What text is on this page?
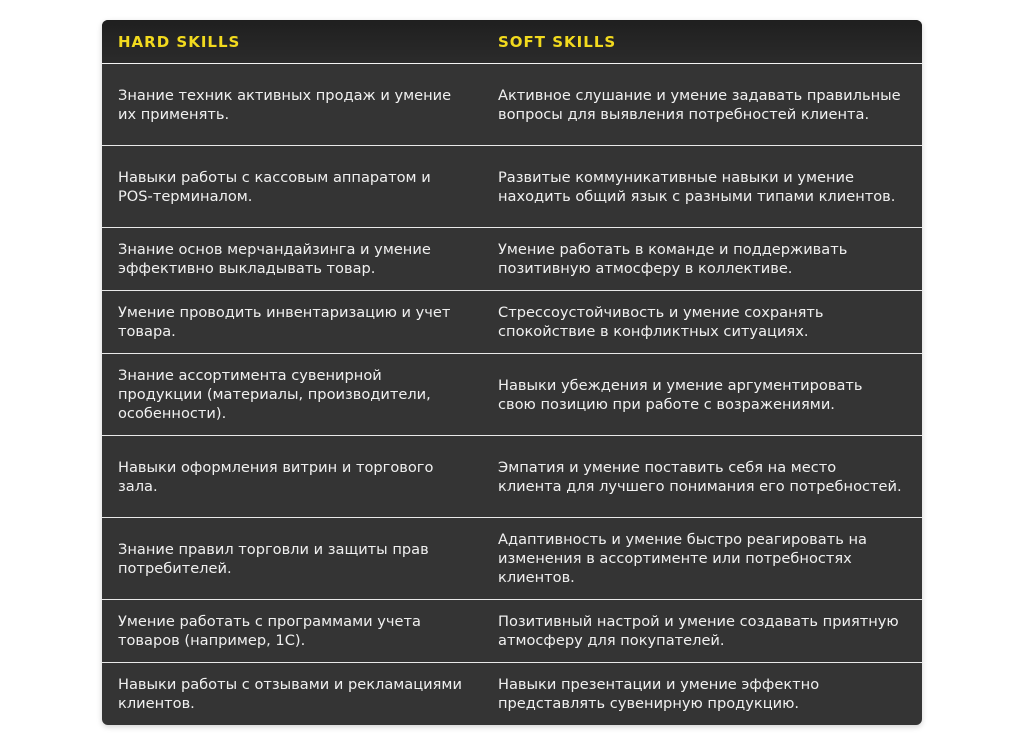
HARD SKILLS	SOFT SKILLS
Знание техник активных продаж и умение их применять.	Активное слушание и умение задавать правильные вопросы для выявления потребностей клиента.
Навыки работы с кассовым аппаратом и POS-терминалом.	Развитые коммуникативные навыки и умение находить общий язык с разными типами клиентов.
Знание основ мерчандайзинга и умение эффективно выкладывать товар.	Умение работать в команде и поддерживать позитивную атмосферу в коллективе.
Умение проводить инвентаризацию и учет товара.	Стрессоустойчивость и умение сохранять спокойствие в конфликтных ситуациях.
Знание ассортимента сувенирной продукции (материалы, производители, особенности).	Навыки убеждения и умение аргументировать свою позицию при работе с возражениями.
Навыки оформления витрин и торгового зала.	Эмпатия и умение поставить себя на место клиента для лучшего понимания его потребностей.
Знание правил торговли и защиты прав потребителей.	Адаптивность и умение быстро реагировать на изменения в ассортименте или потребностях клиентов.
Умение работать с программами учета товаров (например, 1С).	Позитивный настрой и умение создавать приятную атмосферу для покупателей.
Навыки работы с отзывами и рекламациями клиентов.	Навыки презентации и умение эффектно представлять сувенирную продукцию.
